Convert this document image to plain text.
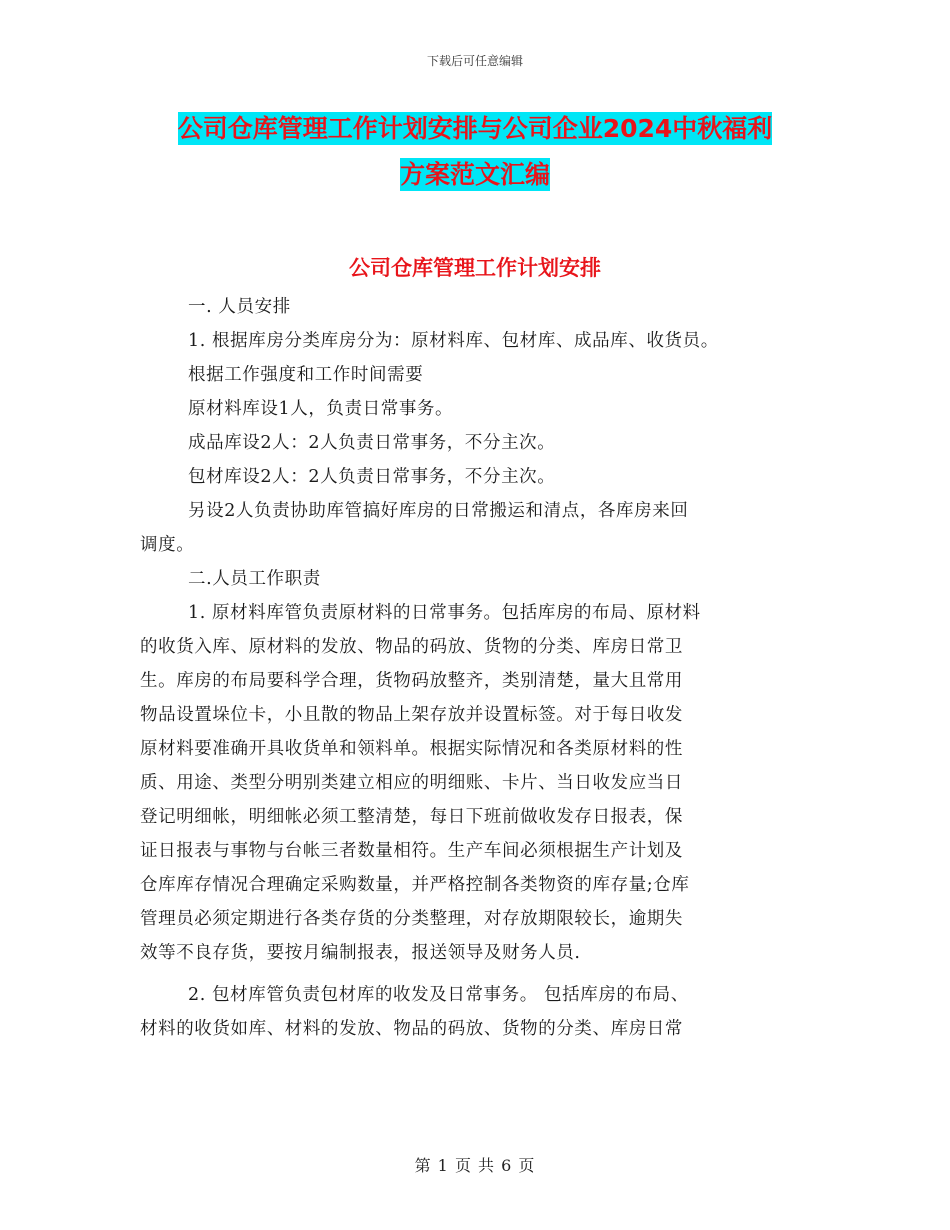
下载后可任意编辑
公司仓库管理工作计划安排与公司企业2024中秋福利
方案范文汇编
公司仓库管理工作计划安排
一. 人员安排
1. 根据库房分类库房分为：原材料库、包材库、成品库、收货员。
根据工作强度和工作时间需要
原材料库设1人，负责日常事务。
成品库设2人：2人负责日常事务，不分主次。
包材库设2人：2人负责日常事务，不分主次。
另设2人负责协助库管搞好库房的日常搬运和清点，各库房来回
调度。
二.人员工作职责
1. 原材料库管负责原材料的日常事务。包括库房的布局、原材料
的收货入库、原材料的发放、物品的码放、货物的分类、库房日常卫
生。库房的布局要科学合理，货物码放整齐，类别清楚，量大且常用
物品设置垛位卡，小且散的物品上架存放并设置标签。对于每日收发
原材料要准确开具收货单和领料单。根据实际情况和各类原材料的性
质、用途、类型分明别类建立相应的明细账、卡片、当日收发应当日
登记明细帐，明细帐必须工整清楚，每日下班前做收发存日报表，保
证日报表与事物与台帐三者数量相符。生产车间必须根据生产计划及
仓库库存情况合理确定采购数量，并严格控制各类物资的库存量;仓库
管理员必须定期进行各类存货的分类整理，对存放期限较长，逾期失
效等不良存货，要按月编制报表，报送领导及财务人员.
2. 包材库管负责包材库的收发及日常事务。 包括库房的布局、
材料的收货如库、材料的发放、物品的码放、货物的分类、库房日常
第 1 页 共 6 页
